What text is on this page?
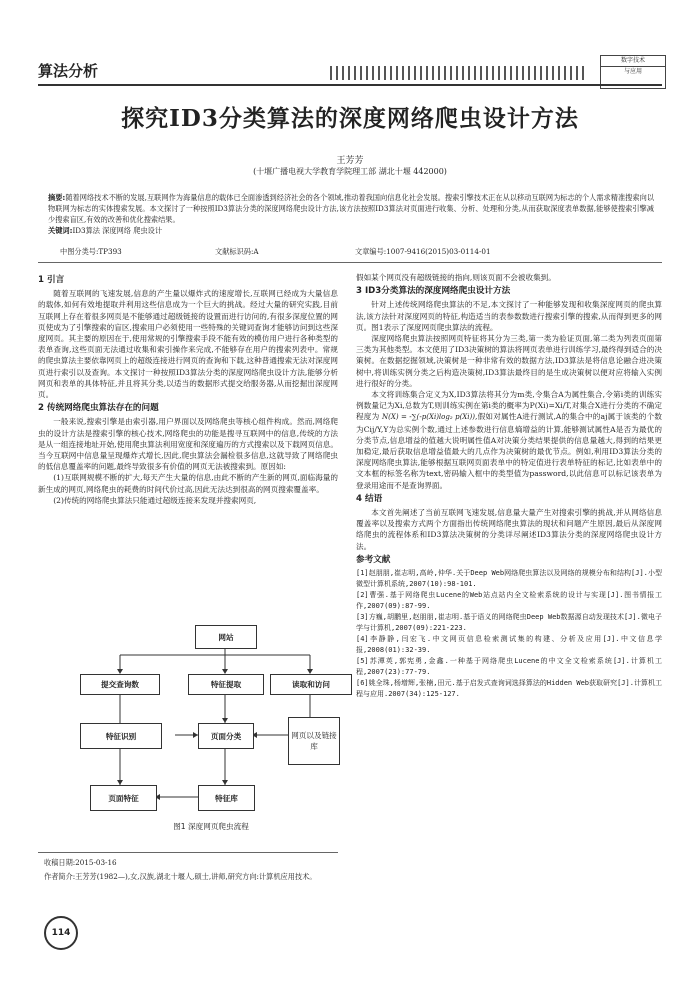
算法分析
数字技术
与应用
探究ID3分类算法的深度网络爬虫设计方法
王芳芳
(十堰广播电视大学教育学院理工部 湖北十堰 442000)
摘要:随着网络技术不断的发展,互联网作为海量信息的载体已全面渗透到经济社会的各个领域,推动着我国向信息化社会发展。搜索引擎技术正在从以移动互联网为标志的个人需求精准搜索向以物联网为标志的实体搜索发展。本文探讨了一种按照ID3算法分类的深度网络爬虫设计方法,该方法按照ID3算法对页面进行收集、分析、处理和分类,从而获取深度表单数据,能够使搜索引擎减少搜索盲区,有效的改善和优化搜索结果。
关键词:ID3算法 深度网络 爬虫设计
中图分类号:TP393	文献标识码:A	文章编号:1007-9416(2015)03-0114-01
1 引言

随着互联网的飞速发展,信息的产生量以爆炸式的速度增长,互联网已经成为大量信息的载体,如何有效地提取并利用这些信息成为一个巨大的挑战。经过大量的研究实践,目前互联网上存在着很多网页是不能够通过超级链接的设置而进行访问的,有很多深度位置的网页使成为了引擎搜索的盲区,搜索用户必须使用一些特殊的关键词查询才能够访问到这些深度网页。其主要的原因在于,使用常规的引擎搜索手段不能有效的模仿用户进行各种类型的表单查询,这些页面无法通过收集和索引操作来完成,不能够存在用户的搜索列表中。常规的爬虫算法主要依靠网页上的超级连接进行网页的查询和下载,这种普通搜索无法对深度网页进行索引以及查询。本文探讨一种按照ID3算法分类的深度网络爬虫设计方法,能够分析网页和表单的具体特征,并且将其分类,以适当的数据形式提交给服务器,从而挖掘出深度网页。

2 传统网络爬虫算法存在的问题

一般来说,搜索引擎是由索引器,用户界面以及网络爬虫等核心组件构成。然而,网络爬虫的设计方法是搜索引擎的核心技术,网络爬虫的功能是搜寻互联网中的信息,传统的方法是从一组连接地址开始,使用爬虫算法利用宽度和深度遍历的方式搜索以及下载网页信息。当今互联网中信息量呈现爆炸式增长,因此,爬虫算法会漏检很多信息,这就导致了网络爬虫的低信息覆盖率的问题,最终导致很多有价值的网页无法被搜索到。原因如:

(1)互联网规模不断的扩大,每天产生大量的信息,由此不断的产生新的网页,面临海量的新生成的网页,网络爬虫的耗费的时间代价过高,因此无法达到很高的网页搜索覆盖率。

(2)传统的网络爬虫算法只能通过超级连接来发现并搜索网页,

网站
提交查询数	特征提取	读取和访问
特征识别	页面分类	网页以及链接库
页面特征	特征库
图1 深度网页爬虫流程

假如某个网页没有超级链接的指向,则该页面不会被收集到。

3 ID3分类算法的深度网络爬虫设计方法

针对上述传统网络爬虫算法的不足,本文探讨了一种能够发现和收集深度网页的爬虫算法,该方法针对深度网页的特征,构造适当的表参数数进行搜索引擎的搜索,从而得到更多的网页。图1表示了深度网页爬虫算法的流程。

深度网络爬虫算法按照网页特征将其分为三类,第一类为验证页面,第二类为列表页面第三类为其他类型。本文使用了ID3决策树的算法将网页表单进行训练学习,最终得到适合的决策树。在数据挖掘领域,决策树是一种非常有效的数据方法,ID3算法是将信息论融合进决策树中,将训练实例分类之后构造决策树,ID3算法最终目的是生成决策树以便对应将输入实例进行很好的分类。

本文将训练集合定义为X,ID3算法将其分为m类,令集合A为属性集合,令第i类的训练实例数量记为Xi,总数为T,则训练实例在第i类的概率为P(Xi)=Xi/T,对集合X进行分类的不确定程度为 N(X) = -∑(-p(Xi)log₂ p(Xi)),假如对属性A进行测试,A的集合中的aj属于该类的个数为Cij/Y,Y为总实例个数,通过上述参数进行信息熵增益的计算,能够测试属性A是否为最优的分类节点,信息增益的值越大说明属性值A对决策分类结果提供的信息量越大,得到的结果更加稳定,最后获取信息增益值最大的几点作为决策树的最优节点。例如,利用ID3算法分类的深度网络爬虫算法,能够根据互联网页面表单中的特定值进行表单特征的标记,比如表单中的文本框的标签名称为text,密码输入框中的类型值为password,以此信息可以标记该表单为登录用途而不是查询界面。

4 结语

本文首先阐述了当前互联网飞速发展,信息量大量产生对搜索引擎的挑战,并从网络信息覆盖率以及搜索方式两个方面指出传统网络爬虫算法的现状和问题产生原因,最后从深度网络爬虫的流程体系和ID3算法决策树的分类详尽阐述ID3算法分类的深度网络爬虫设计方法。

参考文献

[1]赵朋朋,崔志明,高岭,仲华.关于Deep Web网络爬虫算法以及网络的规模分布和结构[J].小型微型计算机系统,2007(10):98-101.

[2]曹强.基于网络爬虫Lucene的Web站点站内全文检索系统的设计与实现[J].图书情报工作,2007(09):87-99.

[3]方巍,胡鹏里,赵朋朋,崔志明.基于语义的网络爬虫Deep Web数据源自动发现技术[J].微电子学与计算机,2007(09):221-223.

[4]李静静,闫宏飞.中文网页信息检索测试集的构建、分析及应用[J].中文信息学报,2008(01):32-39.

[5]苏潭英,郭宪勇,金鑫.一种基于网络爬虫Lucene的中文全文检索系统[J].计算机工程,2007(23):77-79.

[6]姚全珠,杨增辉,张楠,田元.基于启发式查询词选择算法的Hidden Web获取研究[J].计算机工程与应用.2007(34):125-127.

收稿日期:2015-03-16
作者简介:王芳芳(1982—),女,汉族,湖北十堰人,硕士,讲师,研究方向:计算机应用技术。
114
